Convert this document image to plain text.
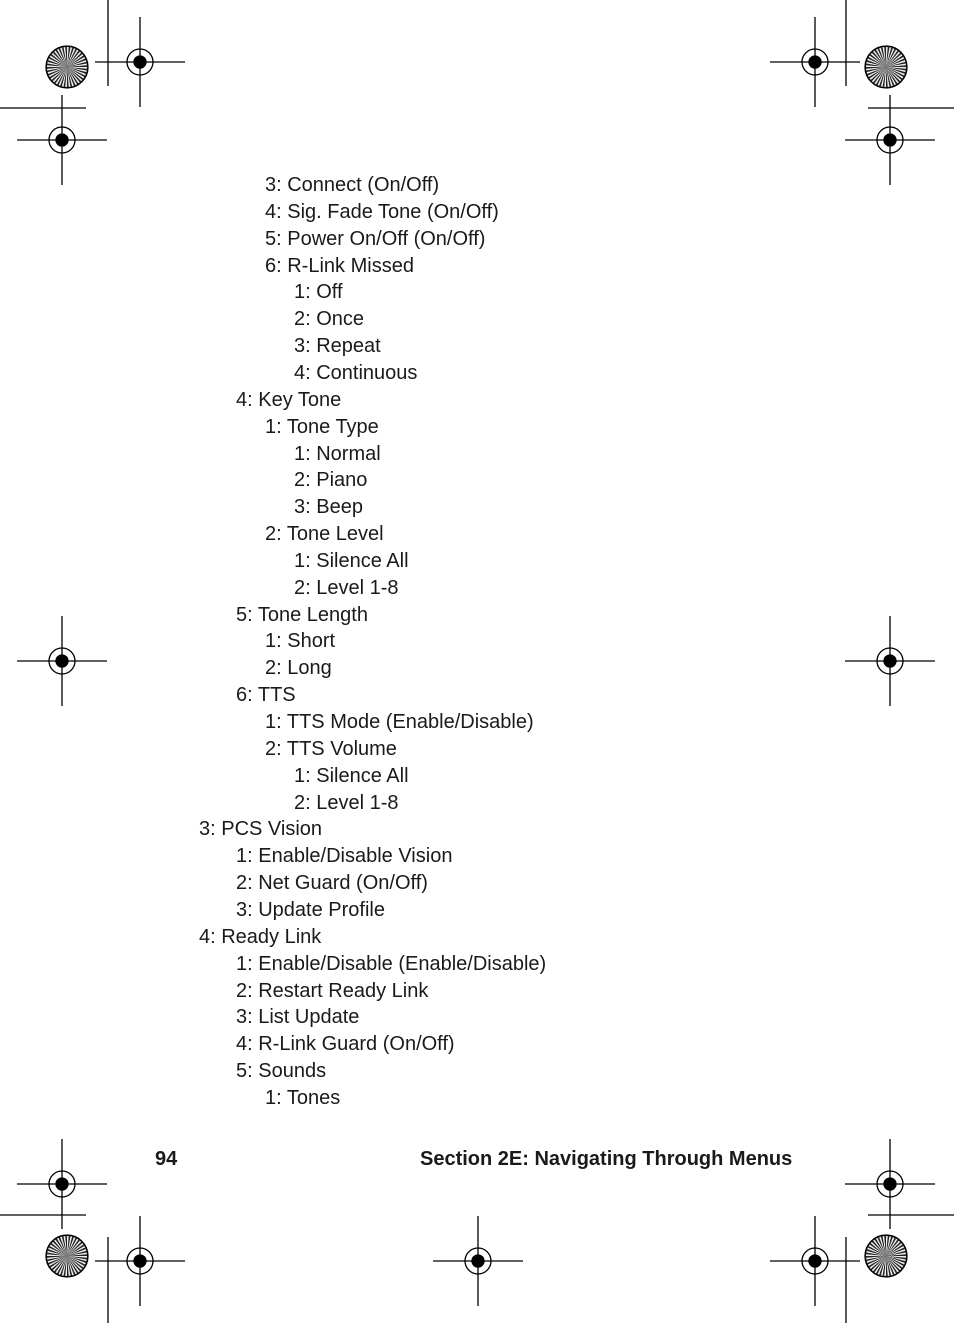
3: Connect (On/Off)
4: Sig. Fade Tone (On/Off)
5: Power On/Off (On/Off)
6: R-Link Missed
1: Off
2: Once
3: Repeat
4: Continuous
4: Key Tone
1: Tone Type
1: Normal
2: Piano
3: Beep
2: Tone Level
1: Silence All
2: Level 1-8
5: Tone Length
1: Short
2: Long
6: TTS
1: TTS Mode (Enable/Disable)
2: TTS Volume
1: Silence All
2: Level 1-8
3: PCS Vision
1: Enable/Disable Vision
2: Net Guard (On/Off)
3: Update Profile
4: Ready Link
1: Enable/Disable (Enable/Disable)
2: Restart Ready Link
3: List Update
4: R-Link Guard (On/Off)
5: Sounds
1: Tones
94	Section 2E: Navigating Through Menus
